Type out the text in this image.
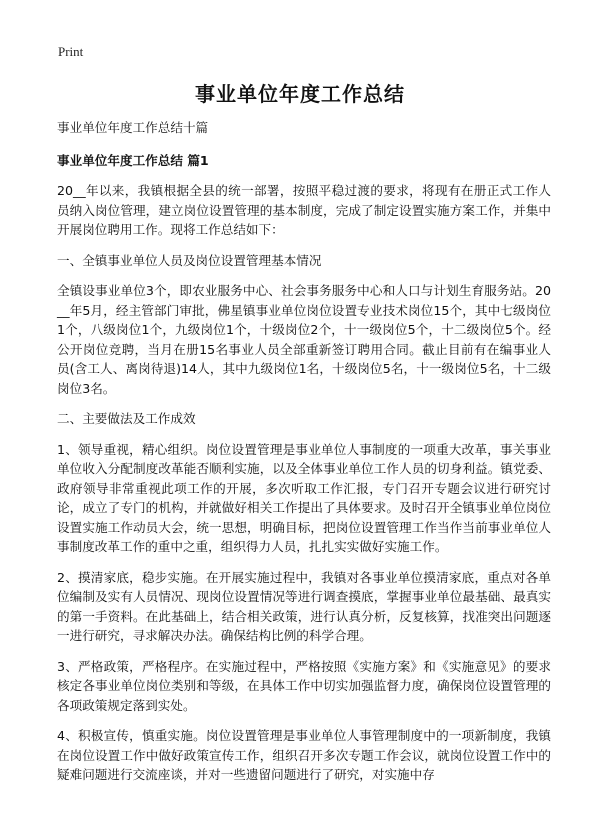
Print
事业单位年度工作总结

事业单位年度工作总结十篇

事业单位年度工作总结 篇1

20__年以来，我镇根据全县的统一部署，按照平稳过渡的要求，将现有在册正式工作人员纳入岗位管理，建立岗位设置管理的基本制度，完成了制定设置实施方案工作，并集中开展岗位聘用工作。现将工作总结如下：

一、全镇事业单位人员及岗位设置管理基本情况

全镇设事业单位3个，即农业服务中心、社会事务服务中心和人口与计划生育服务站。20__年5月，经主管部门审批，佛星镇事业单位岗位设置专业技术岗位15个，其中七级岗位1个，八级岗位1个，九级岗位1个，十级岗位2个，十一级岗位5个，十二级岗位5个。经公开岗位竞聘，当月在册15名事业人员全部重新签订聘用合同。截止目前有在编事业人员(含工人、离岗待退)14人，其中九级岗位1名，十级岗位5名，十一级岗位5名，十二级岗位3名。

二、主要做法及工作成效

1、领导重视，精心组织。岗位设置管理是事业单位人事制度的一项重大改革，事关事业单位收入分配制度改革能否顺利实施，以及全体事业单位工作人员的切身利益。镇党委、政府领导非常重视此项工作的开展，多次听取工作汇报，专门召开专题会议进行研究讨论，成立了专门的机构，并就做好相关工作提出了具体要求。及时召开全镇事业单位岗位设置实施工作动员大会，统一思想，明确目标，把岗位设置管理工作当作当前事业单位人事制度改革工作的重中之重，组织得力人员，扎扎实实做好实施工作。

2、摸清家底，稳步实施。在开展实施过程中，我镇对各事业单位摸清家底，重点对各单位编制及实有人员情况、现岗位设置情况等进行调查摸底，掌握事业单位最基础、最真实的第一手资料。在此基础上，结合相关政策，进行认真分析，反复核算，找准突出问题逐一进行研究，寻求解决办法。确保结构比例的科学合理。

3、严格政策，严格程序。在实施过程中，严格按照《实施方案》和《实施意见》的要求核定各事业单位岗位类别和等级，在具体工作中切实加强监督力度，确保岗位设置管理的各项政策规定落到实处。

4、积极宣传，慎重实施。岗位设置管理是事业单位人事管理制度中的一项新制度，我镇在岗位设置工作中做好政策宣传工作，组织召开多次专题工作会议，就岗位设置工作中的疑难问题进行交流座谈，并对一些遗留问题进行了研究，对实施中存
